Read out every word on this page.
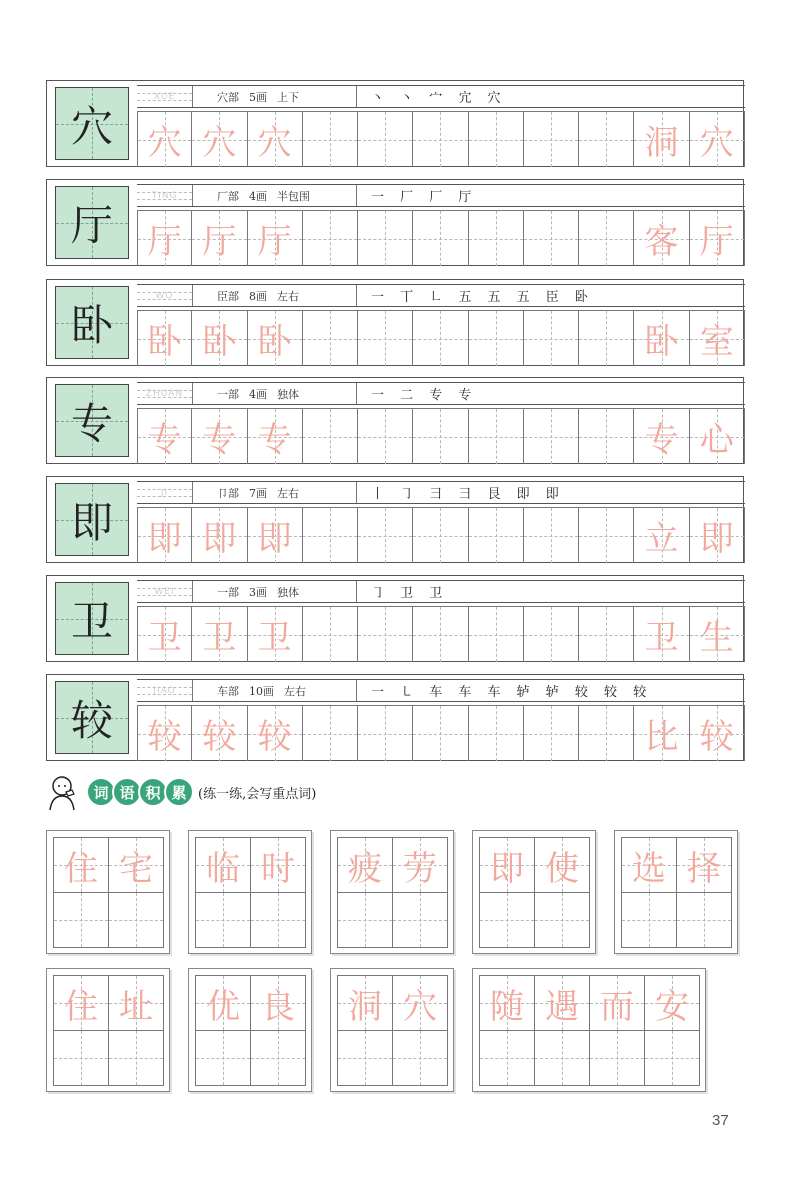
穴
XUE	穴部 5画 上下	丶 丶 宀 宂 穴
穴 穴 穴	洞 穴
厅
TING	厂部 4画 半包围	一 厂 厂 厅
厅 厅 厅	客 厅
卧
WO	臣部 8画 左右	一 丅 ㇗ 五 五 五 臣 卧
卧 卧 卧	卧 室
专
ZHUAN	一部 4画 独体	一 二 专 专
专 专 专	专 心
即
JI	卩部 7画 左右	丨 ㇆ 彐 彐 艮 即 即
即 即 即	立 即
卫
WEI	一部 3画 独体	㇆ 卫 卫
卫 卫 卫	卫 生
较
JIAO	车部 10画 左右	一 ㇄ 车 车 车 轳 轳 较 较 较
较 较 较	比 较
词 语 积 累 (练一练,会写重点词)
住 宅 临 时 疲 劳 即 使 选 择
住 址 优 良 洞 穴 随 遇 而 安
37
